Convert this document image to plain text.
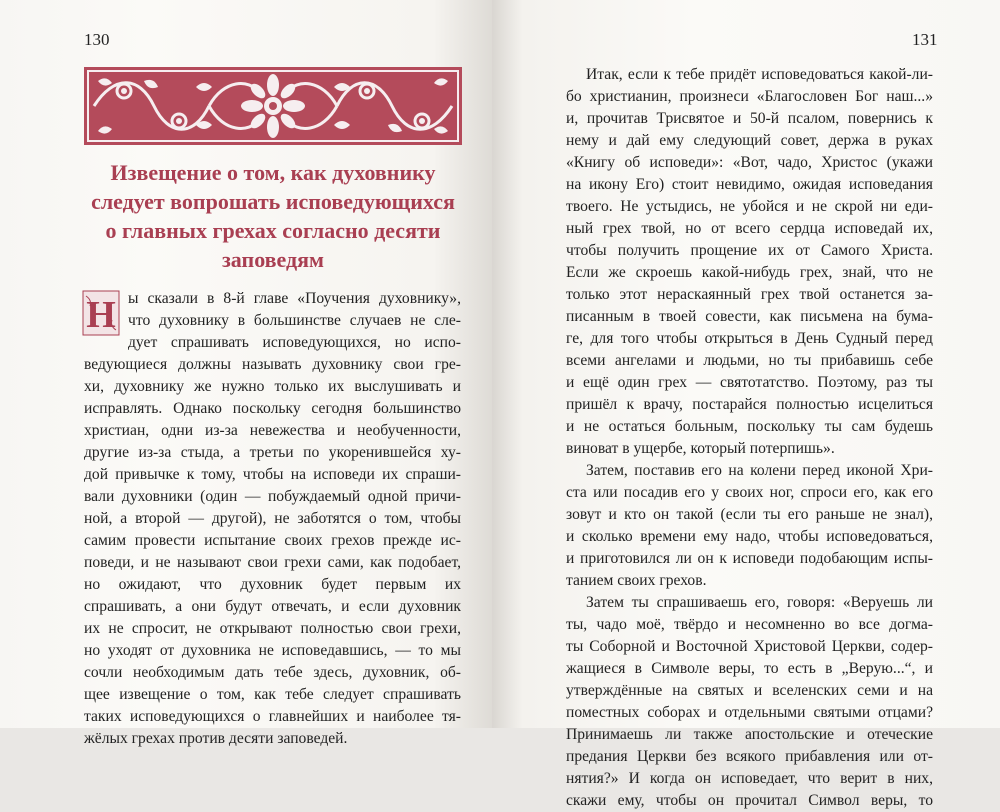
130	131
Извещение о том, как духовнику
следует вопрошать исповедующихся
о главных грехах согласно десяти
заповедям
Н ы сказали в 8-й главе «Поучения духовнику»,
что духовнику в большинстве случаев не сле-
дует спрашивать исповедующихся, но испо-
ведующиеся должны называть духовнику свои гре-
хи, духовнику же нужно только их выслушивать и
исправлять. Однако поскольку сегодня большинство
христиан, одни из-за невежества и необученности,
другие из-за стыда, а третьи по укоренившейся ху-
дой привычке к тому, чтобы на исповеди их спраши-
вали духовники (один — побуждаемый одной причи-
ной, а второй — другой), не заботятся о том, чтобы
самим провести испытание своих грехов прежде ис-
поведи, и не называют свои грехи сами, как подобает,
но ожидают, что духовник будет первым их
спрашивать, а они будут отвечать, и если духовник
их не спросит, не открывают полностью свои грехи,
но уходят от духовника не исповедавшись, — то мы
сочли необходимым дать тебе здесь, духовник, об-
щее извещение о том, как тебе следует спрашивать
таких исповедующихся о главнейших и наиболее тя-
жёлых грехах против десяти заповедей.
Итак, если к тебе придёт исповедоваться какой-ли-
бо христианин, произнеси «Благословен Бог наш...»
и, прочитав Трисвятое и 50-й псалом, повернись к
нему и дай ему следующий совет, держа в руках
«Книгу об исповеди»: «Вот, чадо, Христос (укажи
на икону Его) стоит невидимо, ожидая исповедания
твоего. Не устыдись, не убойся и не скрой ни еди-
ный грех твой, но от всего сердца исповедай их,
чтобы получить прощение их от Самого Христа.
Если же скроешь какой-нибудь грех, знай, что не
только этот нераскаянный грех твой останется за-
писанным в твоей совести, как письмена на бума-
ге, для того чтобы открыться в День Судный перед
всеми ангелами и людьми, но ты прибавишь себе
и ещё один грех — святотатство. Поэтому, раз ты
пришёл к врачу, постарайся полностью исцелиться
и не остаться больным, поскольку ты сам будешь
виноват в ущербе, который потерпишь».
Затем, поставив его на колени перед иконой Хри-
ста или посадив его у своих ног, спроси его, как его
зовут и кто он такой (если ты его раньше не знал),
и сколько времени ему надо, чтобы исповедоваться,
и приготовился ли он к исповеди подобающим испы-
танием своих грехов.
Затем ты спрашиваешь его, говоря: «Веруешь ли
ты, чадо моё, твёрдо и несомненно во все догма-
ты Соборной и Восточной Христовой Церкви, содер-
жащиеся в Символе веры, то есть в „Верую...“, и
утверждённые на святых и вселенских семи и на
поместных соборах и отдельными святыми отцами?
Принимаешь ли также апостольские и отеческие
предания Церкви без всякого прибавления или от-
нятия?» И когда он исповедает, что верит в них,
скажи ему, чтобы он прочитал Символ веры, то
